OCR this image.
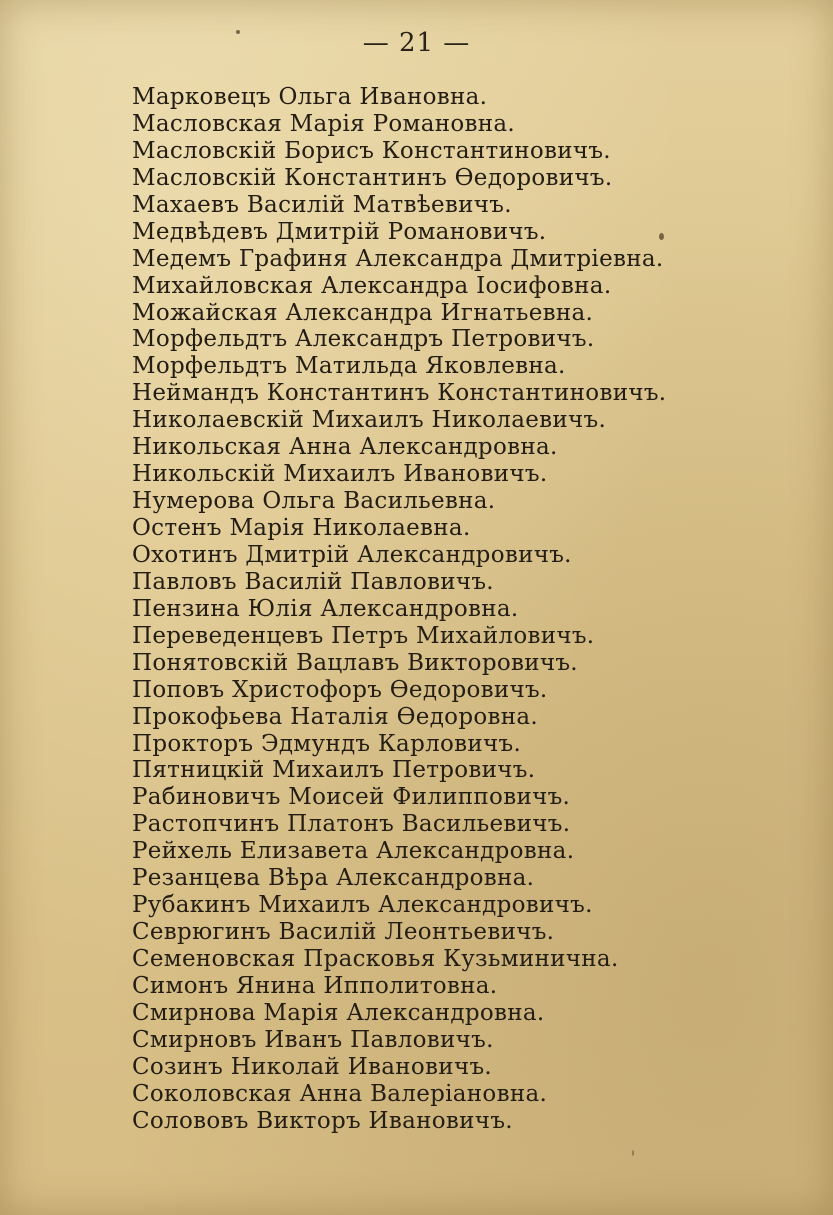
— 21 —
Марковецъ Ольга Ивановна.
Масловская Марія Романовна.
Масловскій Борисъ Константиновичъ.
Масловскій Константинъ Өедоровичъ.
Махаевъ Василій Матвѣевичъ.
Медвѣдевъ Дмитрій Романовичъ.
Медемъ Графиня Александра Дмитріевна.
Михайловская Александра Іосифовна.
Можайская Александра Игнатьевна.
Морфельдтъ Александръ Петровичъ.
Морфельдтъ Матильда Яковлевна.
Неймандъ Константинъ Константиновичъ.
Николаевскій Михаилъ Николаевичъ.
Никольская Анна Александровна.
Никольскій Михаилъ Ивановичъ.
Нумерова Ольга Васильевна.
Остенъ Марія Николаевна.
Охотинъ Дмитрій Александровичъ.
Павловъ Василій Павловичъ.
Пензина Юлія Александровна.
Переведенцевъ Петръ Михайловичъ.
Понятовскій Вацлавъ Викторовичъ.
Поповъ Христофоръ Өедоровичъ.
Прокофьева Наталія Өедоровна.
Прокторъ Эдмундъ Карловичъ.
Пятницкій Михаилъ Петровичъ.
Рабиновичъ Моисей Филипповичъ.
Растопчинъ Платонъ Васильевичъ.
Рейхель Елизавета Александровна.
Резанцева Вѣра Александровна.
Рубакинъ Михаилъ Александровичъ.
Севрюгинъ Василій Леонтьевичъ.
Семеновская Прасковья Кузьминична.
Симонъ Янина Ипполитовна.
Смирнова Марія Александровна.
Смирновъ Иванъ Павловичъ.
Созинъ Николай Ивановичъ.
Соколовская Анна Валеріановна.
Солововъ Викторъ Ивановичъ.
